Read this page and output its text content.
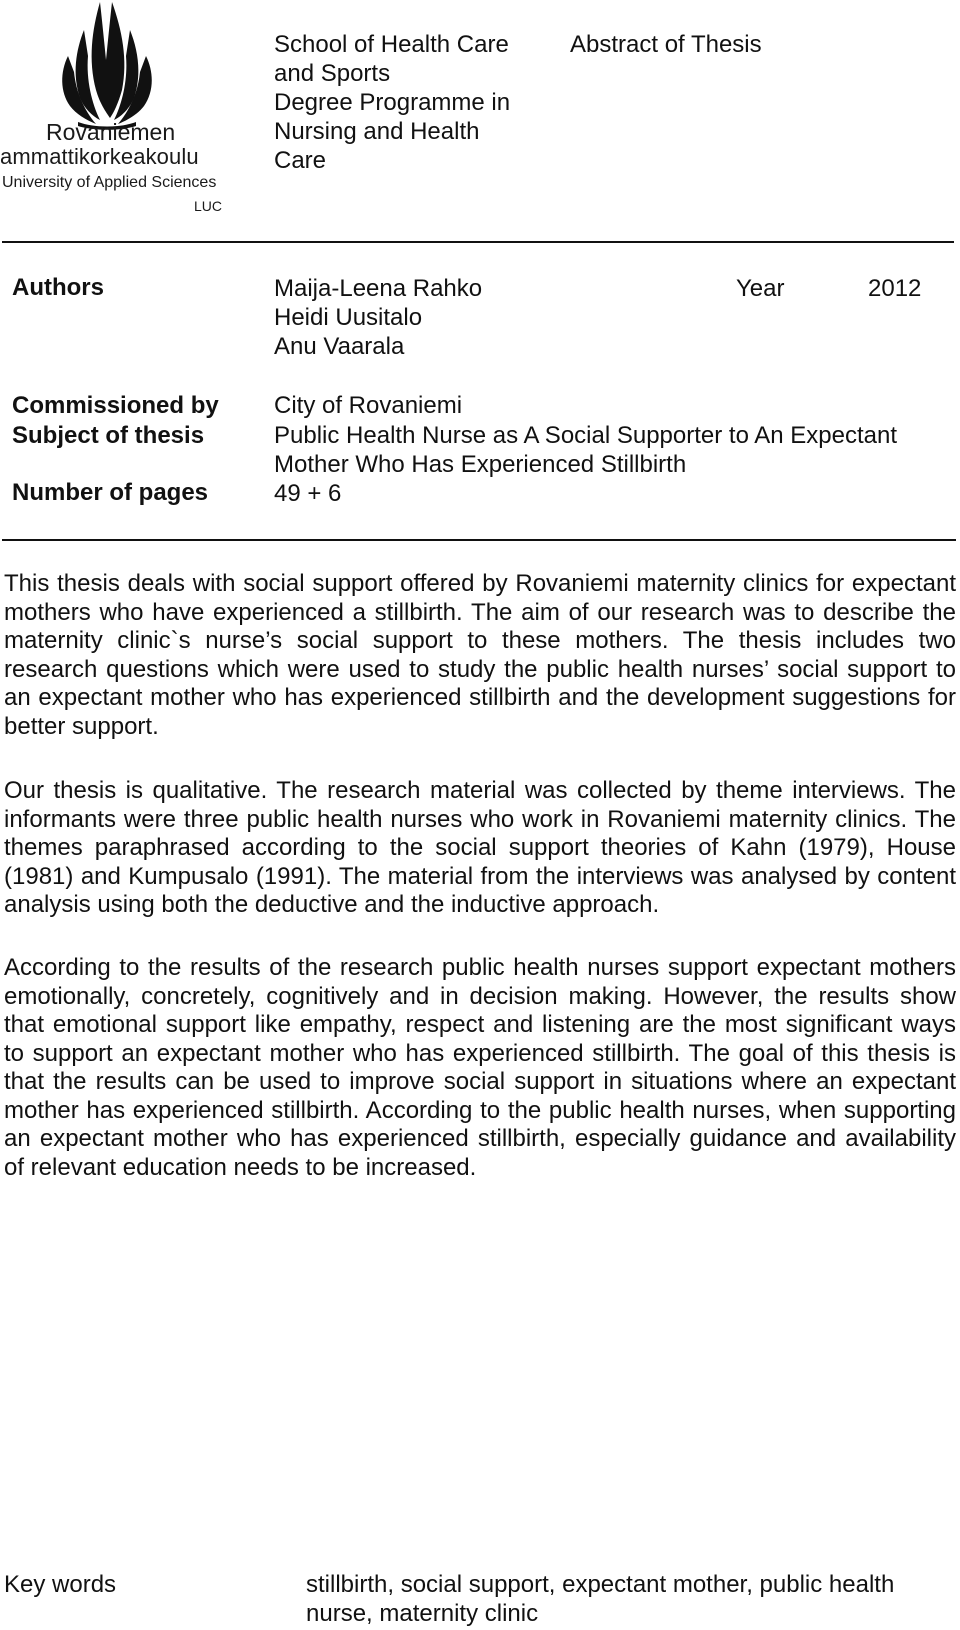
Rovaniemen
ammattikorkeakoulu
University of Applied Sciences
LUC
School of Health Care
and Sports
Degree Programme in
Nursing and Health
Care
Abstract of Thesis
Authors	Maija-Leena Rahko
Heidi Uusitalo
Anu Vaarala
Year	2012
Commissioned by City of Rovaniemi
Subject of thesis	Public Health Nurse as A Social Supporter to An Expectant
Mother Who Has Experienced Stillbirth
Number of pages	49 + 6
This thesis deals with social support offered by Rovaniemi maternity clinics for expectant mothers who have experienced a stillbirth. The aim of our research was to describe the maternity clinic`s nurse’s social support to these mothers. The thesis includes two research questions which were used to study the public health nurses’ social support to an expectant mother who has experienced stillbirth and the development suggestions for better support.
Our thesis is qualitative. The research material was collected by theme interviews. The informants were three public health nurses who work in Rovaniemi maternity clinics. The themes paraphrased according to the social support theories of Kahn (1979), House (1981) and Kumpusalo (1991). The material from the interviews was analysed by content analysis using both the deductive and the inductive approach.
According to the results of the research public health nurses support expectant mothers emotionally, concretely, cognitively and in decision making. However, the results show that emotional support like empathy, respect and listening are the most significant ways to support an expectant mother who has experienced stillbirth. The goal of this thesis is that the results can be used to improve social support in situations where an expectant mother has experienced stillbirth. According to the public health nurses, when supporting an expectant mother who has experienced stillbirth, especially guidance and availability of relevant education needs to be increased.
Key words	stillbirth, social support, expectant mother, public health
nurse, maternity clinic
